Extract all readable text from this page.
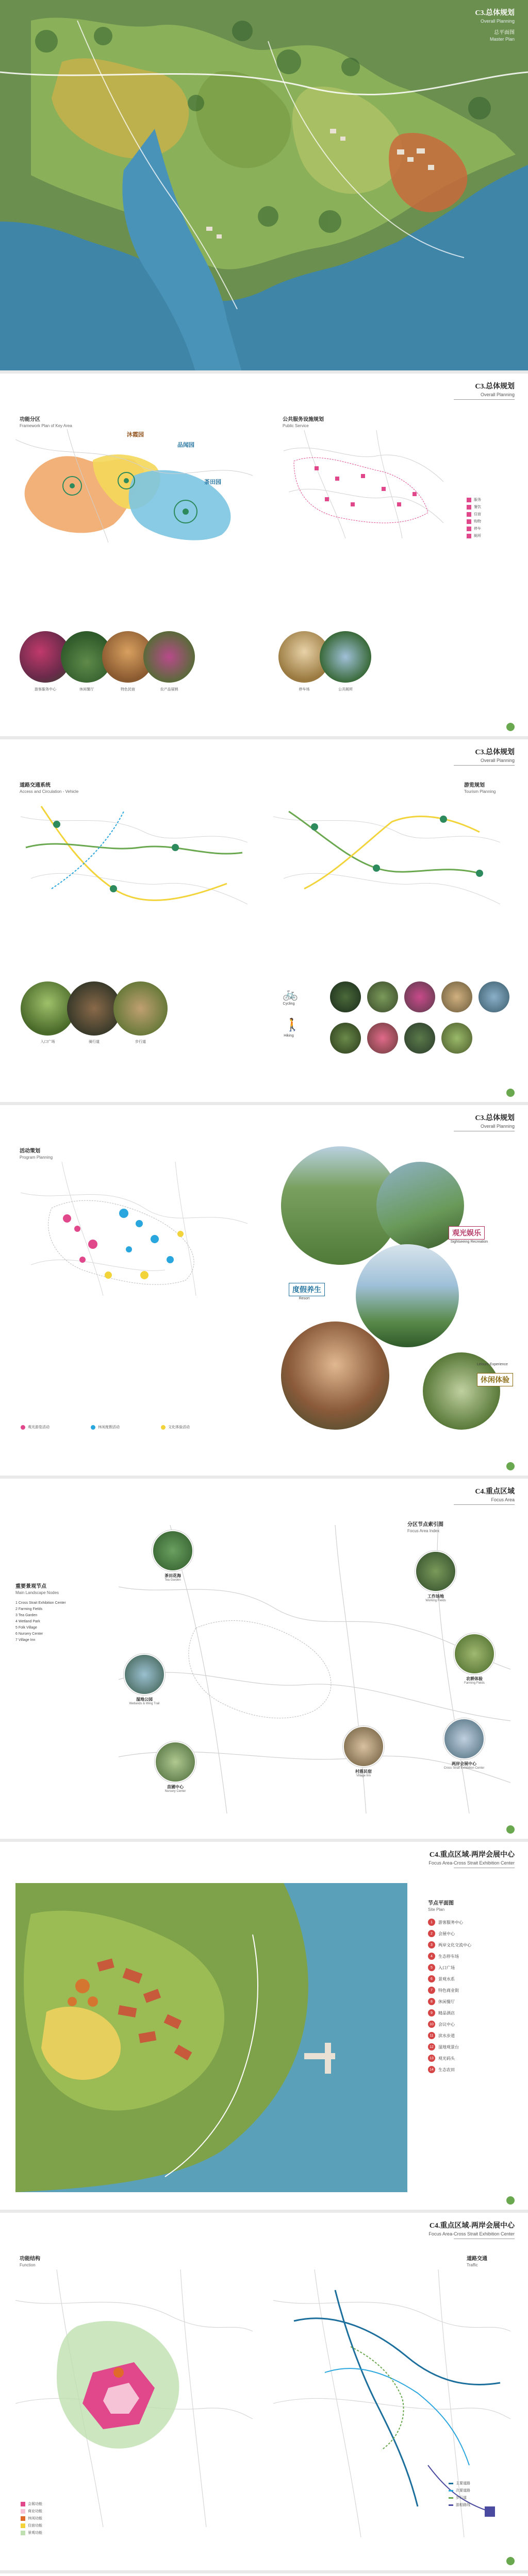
C3.总体规划
Overall Planning
总平面图
Master Plan
C3.总体规划
Overall Planning
功能分区
Framework Plan of Key Area
沐霞园
品闻园
茶田园
公共服务设施规划
Public Service
服务
餐饮
住宿
购物
停车
厕所
游客服务中心	休闲餐厅	特色民宿	农产品展销	停车场	公共厕所
C3.总体规划
Overall Planning
道路交通系统
Access and Circulation - Vehicle
游览规划
Tourism Planning
入口广场	骑行道	步行道
🚲
Cycling
🚶
Hiking
C3.总体规划
Overall Planning
活动策划
Program Planning
观光游览活动	休闲度假活动	文化体验活动
观光娱乐
Sightseeing Recreation
度假养生
Resort
休闲体验
Leisure Experience
C4.重点区域
Focus Area
重要景观节点
Main Landscape Nodes
1 Cross Strait Exhibition Center
2 Farming Fields
3 Tea Garden
4 Wetland Park
5 Folk Village
6 Nursery Center
7 Village Inn
茶田花海
Tea Garden
湿地公园
Wetlands & Wing Trail
苗圃中心
Nursery Center
村落民宿
Village Inn
工作场地
Working Fields
农耕体验
Farming Fields
两岸会展中心
Cross Strait Exhibition Center
分区节点索引图
Focus Area Index
C4.重点区域-两岸会展中心
Focus Area-Cross Strait Exhibition Center
节点平面图
Site Plan
1	游客服务中心
2	会展中心
3	两岸文化交流中心
4	生态停车场
5	入口广场
6	景观水系
7	特色商业街
8	休闲餐厅
9	精品酒店
10	会议中心
11	滨水步道
12	湿地观景台
13	观光码头
14	生态农田
C4.重点区域-两岸会展中心
Focus Area-Cross Strait Exhibition Center
功能结构
Function
会展功能
商业功能
休闲功能
住宿功能
景观功能
道路交通
Traffic
主要道路
次要道路
步行道
游船路线
